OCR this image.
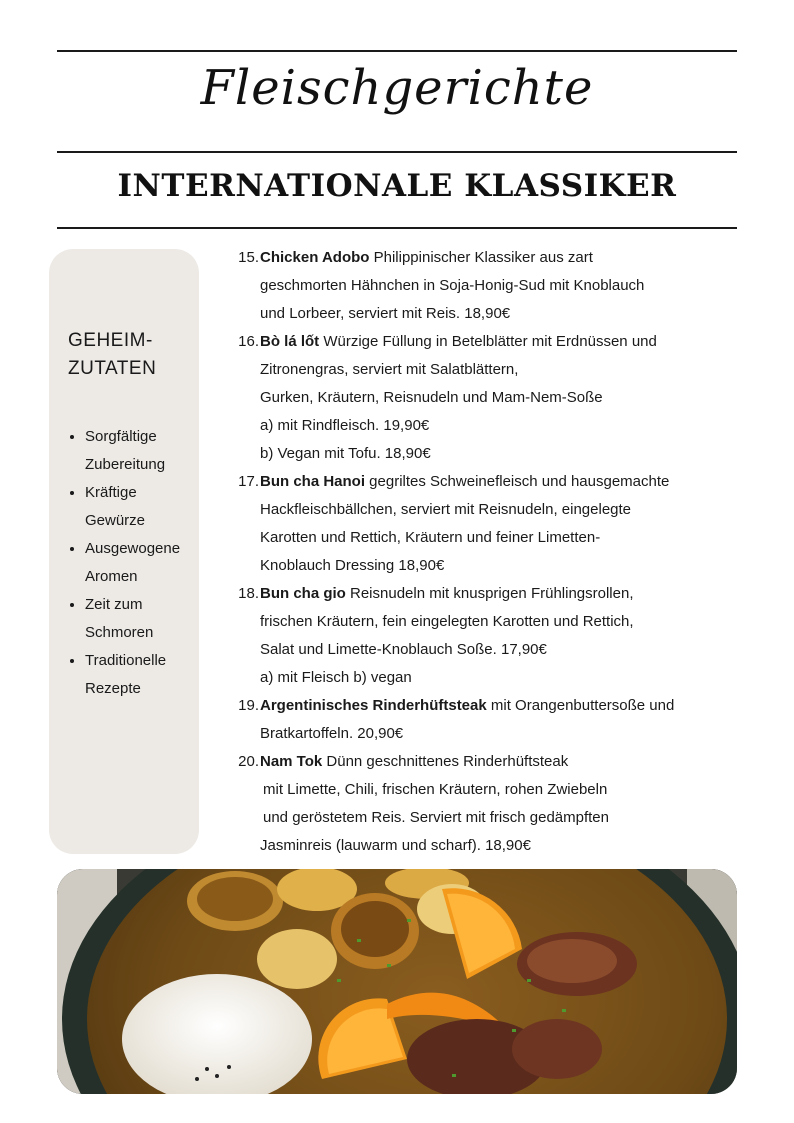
Fleischgerichte
INTERNATIONALE KLASSIKER
GEHEIM-
ZUTATEN
• Sorgfältige
Zubereitung
• Kräftige
Gewürze
• Ausgewogene
Aromen
• Zeit zum
Schmoren
• Traditionelle
Rezepte
15. Chicken Adobo Philippinischer Klassiker aus zart
geschmorten Hähnchen in Soja-Honig-Sud mit Knoblauch
und Lorbeer, serviert mit Reis. 18,90€
16. Bò lá lốt Würzige Füllung in Betelblätter mit Erdnüssen und
Zitronengras, serviert mit Salatblättern,
Gurken, Kräutern, Reisnudeln und Mam-Nem-Soße
a) mit Rindfleisch. 19,90€
b) Vegan mit Tofu. 18,90€
17. Bun cha Hanoi gegriltes Schweinefleisch und hausgemachte
Hackfleischbällchen, serviert mit Reisnudeln, eingelegte
Karotten und Rettich, Kräutern und feiner Limetten-
Knoblauch Dressing 18,90€
18. Bun cha gio Reisnudeln mit knusprigen Frühlingsrollen,
frischen Kräutern, fein eingelegten Karotten und Rettich,
Salat und Limette-Knoblauch Soße. 17,90€
a) mit Fleisch b) vegan
19. Argentinisches Rinderhüftsteak mit Orangenbuttersoße und
Bratkartoffeln. 20,90€
20. Nam Tok Dünn geschnittenes Rinderhüftsteak
mit Limette, Chili, frischen Kräutern, rohen Zwiebeln
und geröstetem Reis. Serviert mit frisch gedämpften
Jasminreis (lauwarm und scharf). 18,90€
